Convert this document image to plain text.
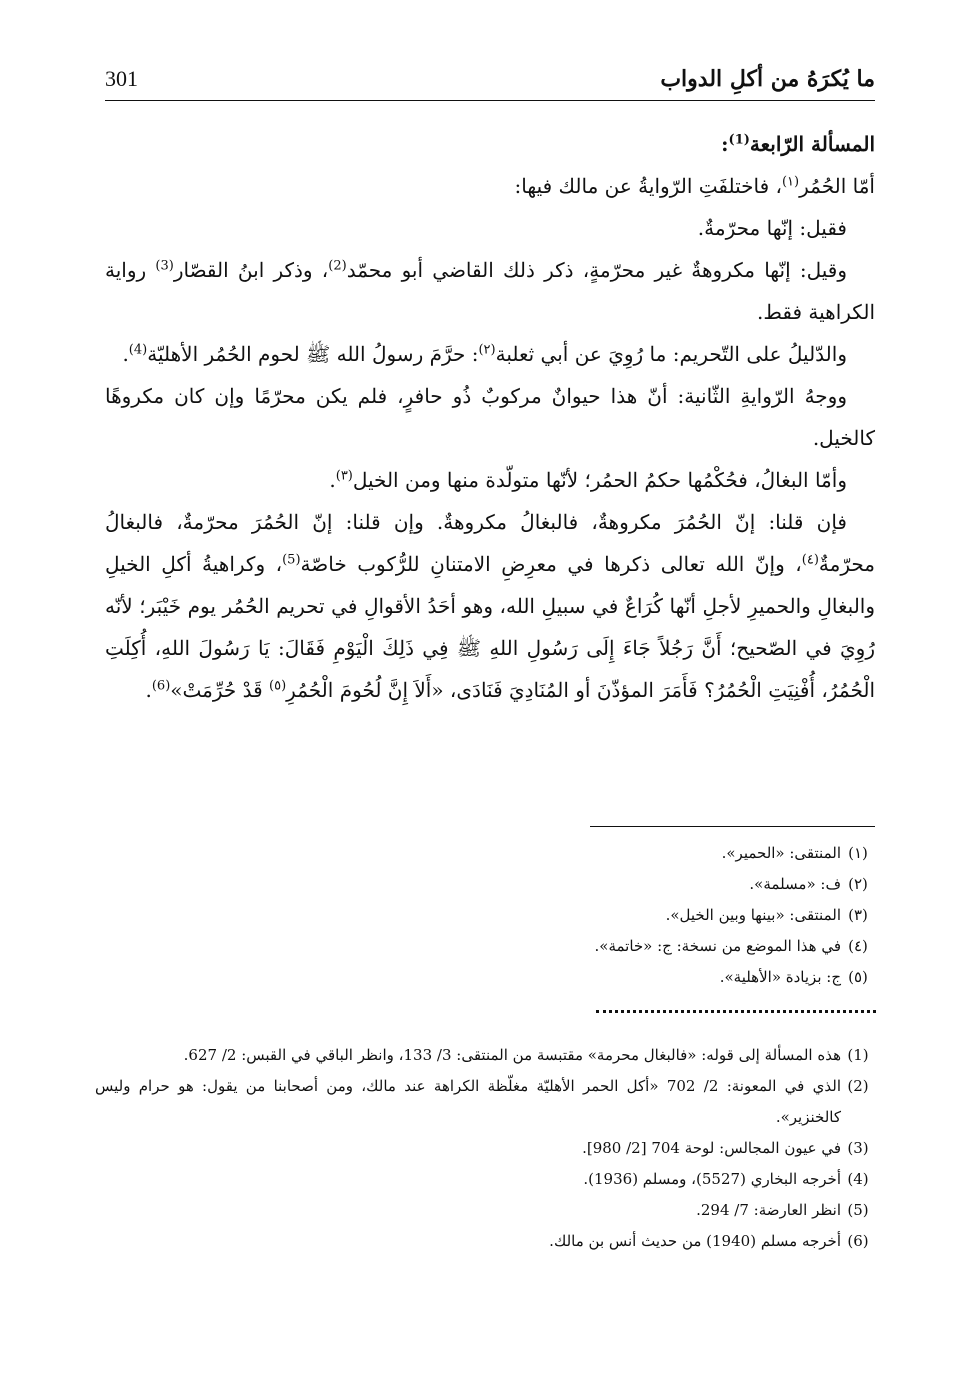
ما يُكرَهُ من أكلِ الدواب
301

المسألة الرّابعة$^{(1)}$:

أمّا الحُمُر$^{(١)}$، فاختلفَتِ الرّوايةُ عن مالك فيها:

فقيل: إنّها محرّمةٌ.

وقيل: إنّها مكروهةٌ غير محرّمةٍ، ذكر ذلك القاضي أبو محمّد$^{(2)}$، وذكر ابنُ القصّار$^{(3)}$ رواية الكراهية فقط.

والدّليلُ على التّحريم: ما رُوِيَ عن أبي ثعلبة$^{(٢)}$: حرَّمَ رسولُ الله ﷺ لحوم الحُمُر الأهليّة$^{(4)}$.

ووجهُ الرّوايةِ الثّانية: أنّ هذا حيوانٌ مركوبٌ ذُو حافرٍ، فلم يكن محرّمًا وإن كان مكروهًا كالخيل.

وأمّا البغالُ، فحُكْمُها حكمُ الحمُر؛ لأنّها متولّدة منها ومن الخيل$^{(٣)}$.

فإن قلنا: إنّ الحُمُرَ مكروهةٌ، فالبغالُ مكروهةٌ. وإن قلنا: إنّ الحُمُرَ محرّمةٌ، فالبغالُ محرّمةٌ$^{(٤)}$، وإنّ الله تعالى ذكرها في معرِضِ الامتنانِ للرُّكوب خاصّة$^{(5)}$، وكراهيةُ أكلِ الخيلِ والبغالِ والحميرِ لأجلِ أنّها كُرَاعٌ في سبيلِ الله، وهو أحَدُ الأقوالِ في تحريم الحُمُر يوم خَيْبَر؛ لأنّه رُوِيَ في الصّحيح؛ أَنَّ رَجُلاً جَاءَ إِلَى رَسُولِ اللهِ ﷺ فِي ذَلِكَ الْيَوْمِ فَقَالَ: يَا رَسُولَ اللهِ، أُكِلَتِ الْحُمُرُ، أُفْنِيَتِ الْحُمُرُ؟ فَأَمَرَ المؤذّنَ أو المُنَادِيَ فَنَادَى، «أَلاَ إِنَّ لُحُومَ الْحُمُرِ$^{(٥)}$ قَدْ حُرِّمَتْ»$^{(6)}$.

(١)
المنتقى: «الحمير».
(٢)
ف: «مسلمة».
(٣)
المنتقى: «بينها وبين الخيل».
(٤)
في هذا الموضع من نسخة: ج: «خاتمة».
(٥)
ج: بزيادة «الأهلية».
(1)
هذه المسألة إلى قوله: «فالبغال محرمة» مقتبسة من المنتقى: 3/ 133، وانظر الباقي في القبس: 2/ 627.
(2)
الذي في المعونة: 2/ 702 «أكل الحمر الأهليّة مغلّظة الكراهة عند مالك، ومن أصحابنا من يقول: هو حرام وليس كالخنزير».
(3)
في عيون المجالس: لوحة 704 [2/ 980].
(4)
أخرجه البخاري (5527)، ومسلم (1936).
(5)
انظر العارضة: 7/ 294.
(6)
أخرجه مسلم (1940) من حديث أنس بن مالك.
